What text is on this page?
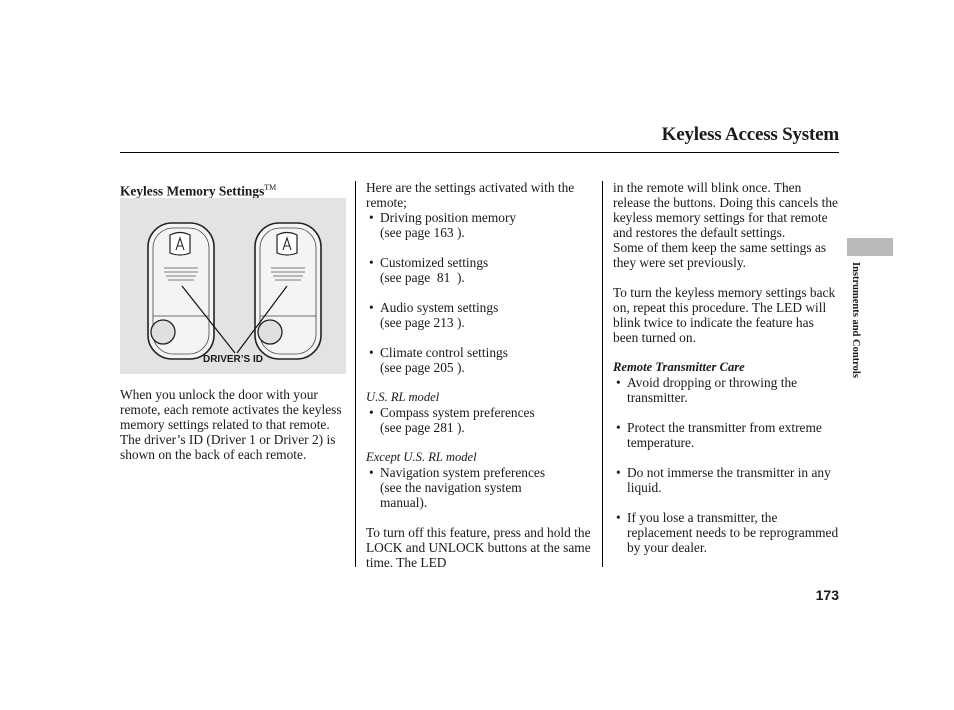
Keyless Access System

Keyless Memory Settings™

DRIVER’S ID

When you unlock the door with your remote, each remote activates the keyless memory settings related to that remote. The driver’s ID (Driver 1 or Driver 2) is shown on the back of each remote.

Here are the settings activated with the remote;

• Driving position memory

(see page 163 ).

• Customized settings

(see page  81  ).

• Audio system settings

(see page 213 ).

• Climate control settings

(see page 205 ).

U.S. RL model

• Compass system preferences

(see page 281 ).

Except U.S. RL model

• Navigation system preferences

(see the navigation system

manual).

To turn off this feature, press and hold the LOCK and UNLOCK buttons at the same time. The LED

in the remote will blink once. Then release the buttons. Doing this cancels the keyless memory settings for that remote and restores the default settings.

Some of them keep the same settings as they were set previously.

To turn the keyless memory settings back on, repeat this procedure. The LED will blink twice to indicate the feature has been turned on.

Remote Transmitter Care

• Avoid dropping or throwing the transmitter.

• Protect the transmitter from extreme temperature.

• Do not immerse the transmitter in any liquid.

• If you lose a transmitter, the replacement needs to be reprogrammed by your dealer.

Instruments and Controls
173
